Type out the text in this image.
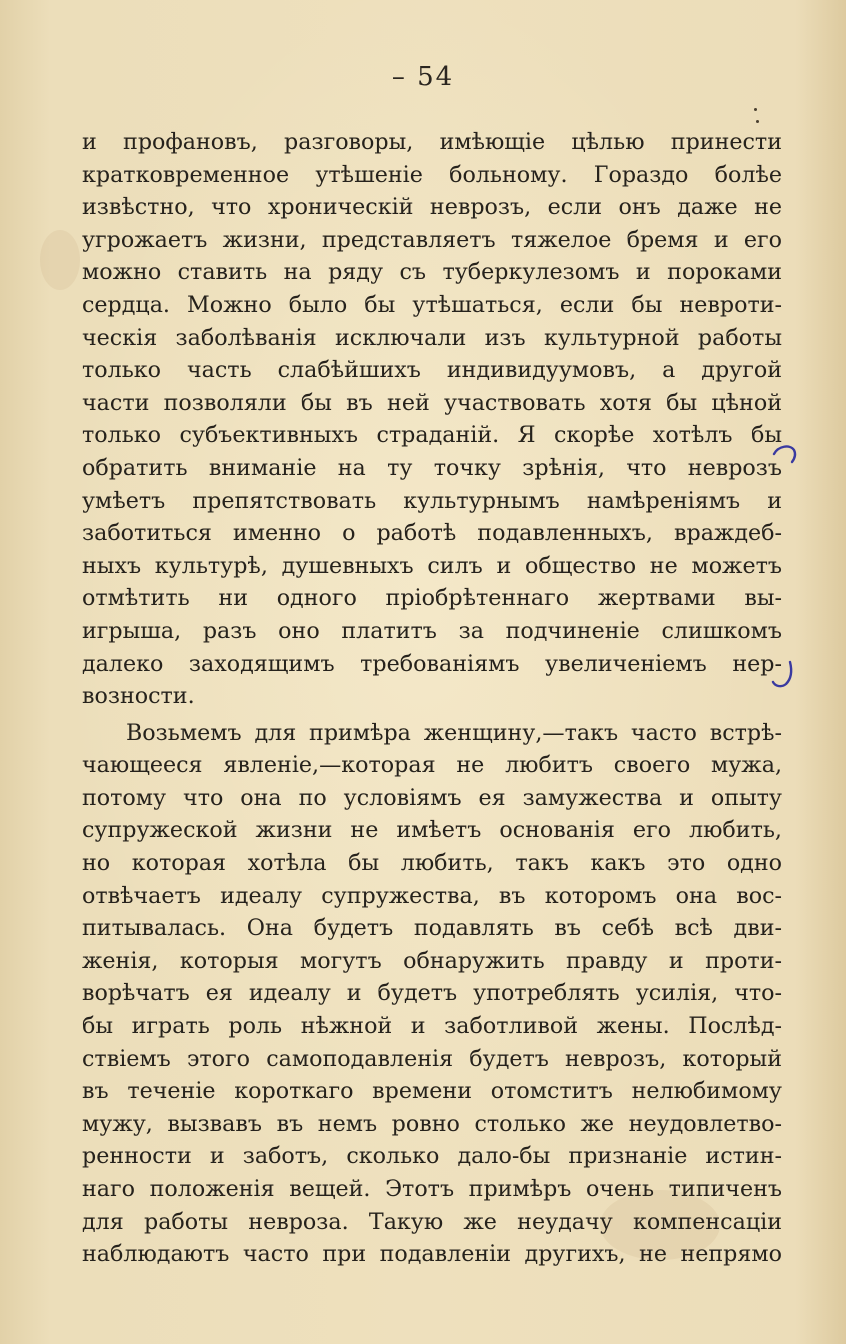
– 54
и профановъ, разговоры, имѣющіе цѣлью принести
кратковременное утѣшеніе больному. Гораздо болѣе
извѣстно, что хроническій неврозъ, если онъ даже не
угрожаетъ жизни, представляетъ тяжелое бремя и его
можно ставить на ряду съ туберкулезомъ и пороками
сердца. Можно было бы утѣшаться, если бы невроти-
ческія заболѣванія исключали изъ культурной работы
только часть слабѣйшихъ индивидуумовъ, а другой
части позволяли бы въ ней участвовать хотя бы цѣной
только субъективныхъ страданій. Я скорѣе хотѣлъ бы
обратить вниманіе на ту точку зрѣнія, что неврозъ
умѣетъ препятствовать культурнымъ намѣреніямъ и
заботиться именно о работѣ подавленныхъ, враждеб-
ныхъ культурѣ, душевныхъ силъ и общество не можетъ
отмѣтить ни одного пріобрѣтеннаго жертвами вы-
игрыша, разъ оно платитъ за подчиненіе слишкомъ
далеко заходящимъ требованіямъ увеличеніемъ нер-
возности.
Возьмемъ для примѣра женщину,—такъ часто встрѣ-
чающееся явленіе,—которая не любитъ своего мужа,
потому что она по условіямъ ея замужества и опыту
супружеской жизни не имѣетъ основанія его любить,
но которая хотѣла бы любить, такъ какъ это одно
отвѣчаетъ идеалу супружества, въ которомъ она вос-
питывалась. Она будетъ подавлять въ себѣ всѣ дви-
женія, которыя могутъ обнаружить правду и проти-
ворѣчатъ ея идеалу и будетъ употреблять усилія, что-
бы играть роль нѣжной и заботливой жены. Послѣд-
ствіемъ этого самоподавленія будетъ неврозъ, который
въ теченіе короткаго времени отомститъ нелюбимому
мужу, вызвавъ въ немъ ровно столько же неудовлетво-
ренности и заботъ, сколько дало-бы признаніе истин-
наго положенія вещей. Этотъ примѣръ очень типиченъ
для работы невроза. Такую же неудачу компенсаціи
наблюдаютъ часто при подавленіи другихъ, не непрямо
